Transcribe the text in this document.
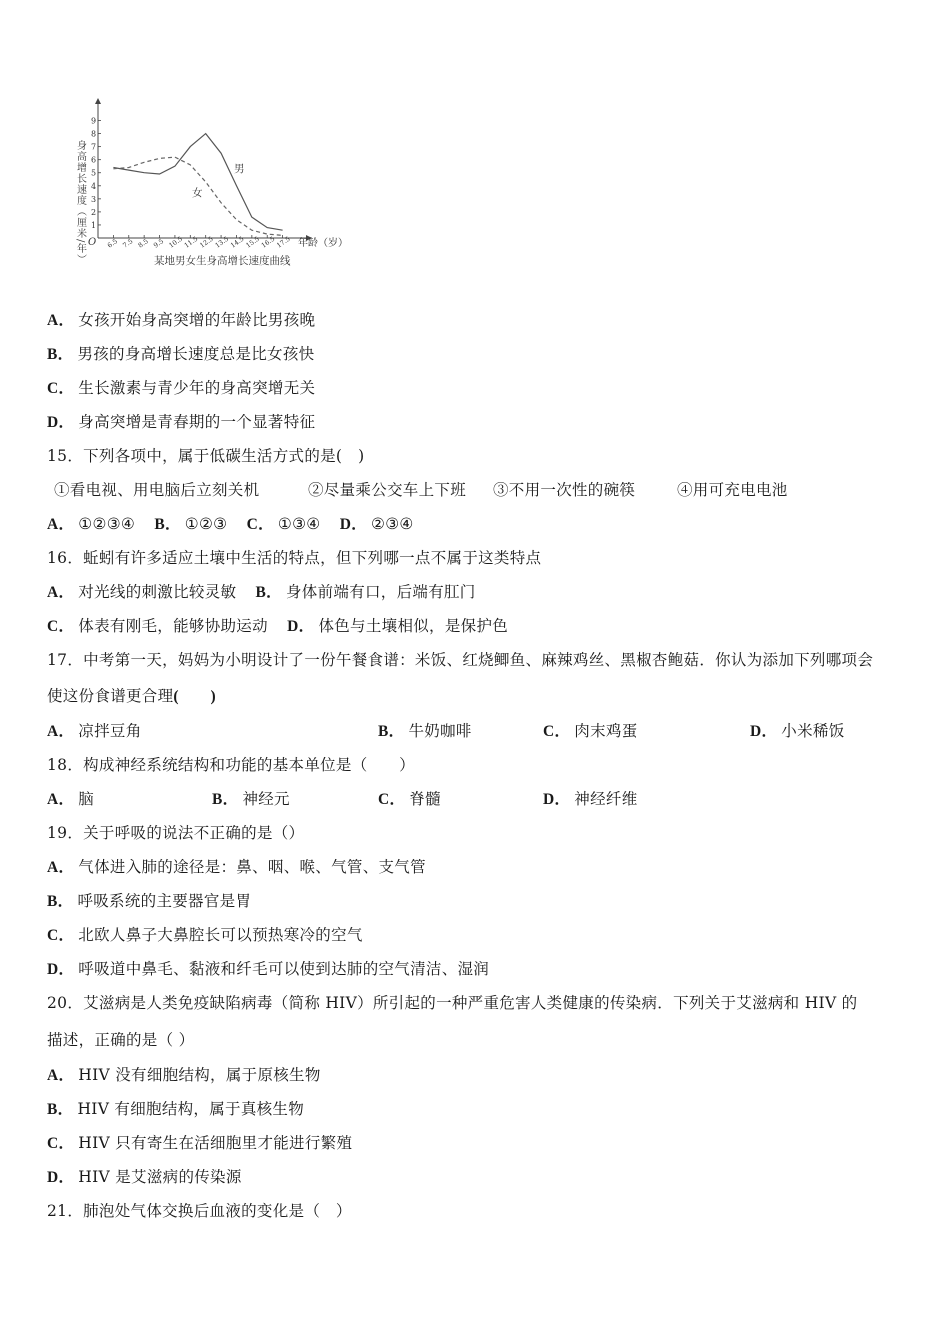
身高增长速度（厘米/年） 1
2
3
4
5
6
7
8
9
6.5 7.5 8.5 9.5 10.5
11.5
12.5
13.5
14.5
15.5
16.5
17.5
某地男女生身高增长速度曲线
年龄（岁）
O
男
女
A． 女孩开始身高突增的年龄比男孩晚
B． 男孩的身高增长速度总是比女孩快
C． 生长激素与青少年的身高突增无关
D． 身高突增是青春期的一个显著特征
15．下列各项中，属于低碳生活方式的是(　)
①看电视、用电脑后立刻关机	②尽量乘公交车上下班 ③不用一次性的碗筷	④用可充电电池
A． ①②③④ B． ①②③ C． ①③④ D． ②③④
16．蚯蚓有许多适应土壤中生活的特点，但下列哪一点不属于这类特点
A． 对光线的刺激比较灵敏 B． 身体前端有口，后端有肛门
C． 体表有刚毛，能够协助运动 D． 体色与土壤相似，是保护色
17．中考第一天，妈妈为小明设计了一份午餐食谱：米饭、红烧鲫鱼、麻辣鸡丝、黑椒杏鲍菇．你认为添加下列哪项会
使这份食谱更合理(　　)
A． 凉拌豆角	B． 牛奶咖啡	C． 肉末鸡蛋	D． 小米稀饭
18．构成神经系统结构和功能的基本单位是（　　）
A． 脑	B． 神经元	C． 脊髓	D． 神经纤维
19．关于呼吸的说法不正确的是（）
A． 气体进入肺的途径是：鼻、咽、喉、气管、支气管
B． 呼吸系统的主要器官是胃
C． 北欧人鼻子大鼻腔长可以预热寒冷的空气
D． 呼吸道中鼻毛、黏液和纤毛可以使到达肺的空气清洁、湿润
20．艾滋病是人类免疫缺陷病毒（简称 HIV）所引起的一种严重危害人类健康的传染病．下列关于艾滋病和 HIV 的
描述，正确的是（ ）
A． HIV 没有细胞结构，属于原核生物
B． HIV 有细胞结构，属于真核生物
C． HIV 只有寄生在活细胞里才能进行繁殖
D． HIV 是艾滋病的传染源
21．肺泡处气体交换后血液的变化是（　）
